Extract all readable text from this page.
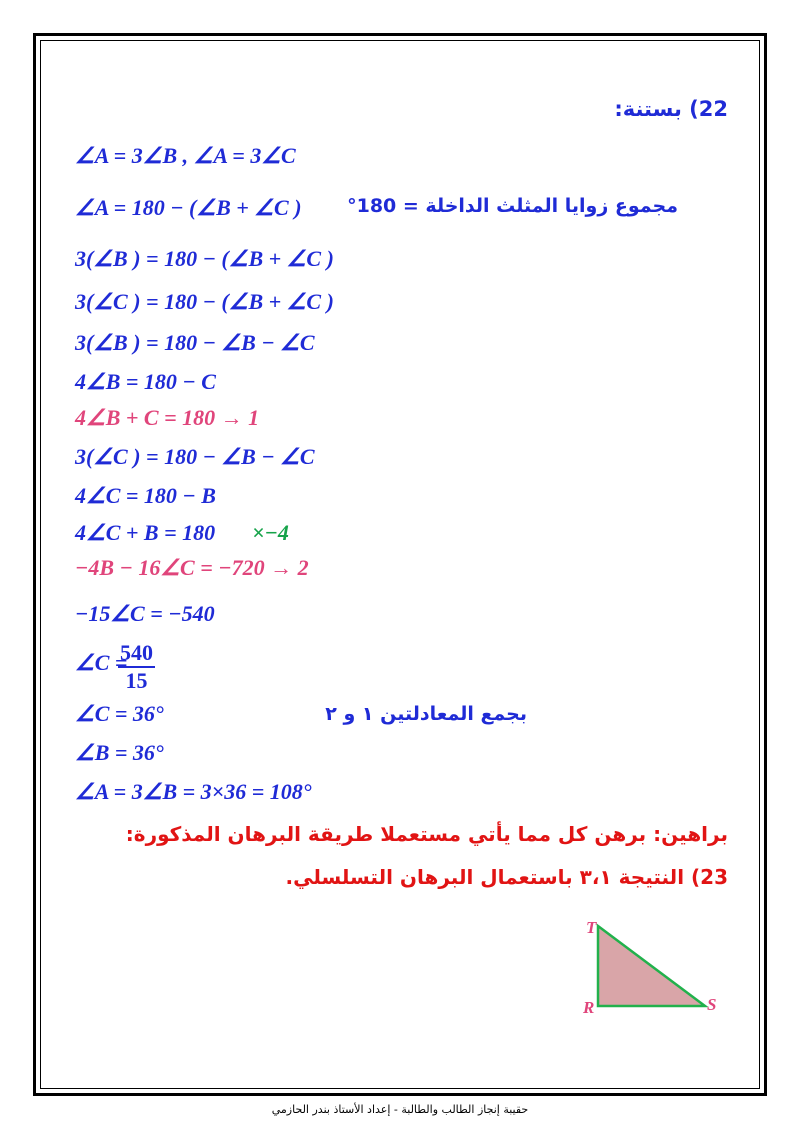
22) بستنة:
∠A = 3∠B , ∠A = 3∠C
∠A = 180 − (∠B + ∠C ) مجموع زوايا المثلث الداخلة = 180°
3(∠B ) = 180 − (∠B + ∠C )
3(∠C ) = 180 − (∠B + ∠C )
3(∠B ) = 180 − ∠B − ∠C
4∠B = 180 − C
4∠B + C = 180 → 1
3(∠C ) = 180 − ∠B − ∠C
4∠C = 180 − B
4∠C + B = 180 ×−4
−4B − 16∠C = −720 → 2
−15∠C = −540
∠C =
$\frac{540}{15}$
∠C = 36°	بجمع المعادلتين ١ و ٢
∠B = 36°
∠A = 3∠B = 3×36 = 108°
براهين: برهن كل مما يأتي مستعملا طريقة البرهان المذكورة:
23) النتيجة ٣،١ باستعمال البرهان التسلسلي.
T
R	S
حقيبة إنجاز الطالب والطالبة - إعداد الأستاذ بندر الحازمي
